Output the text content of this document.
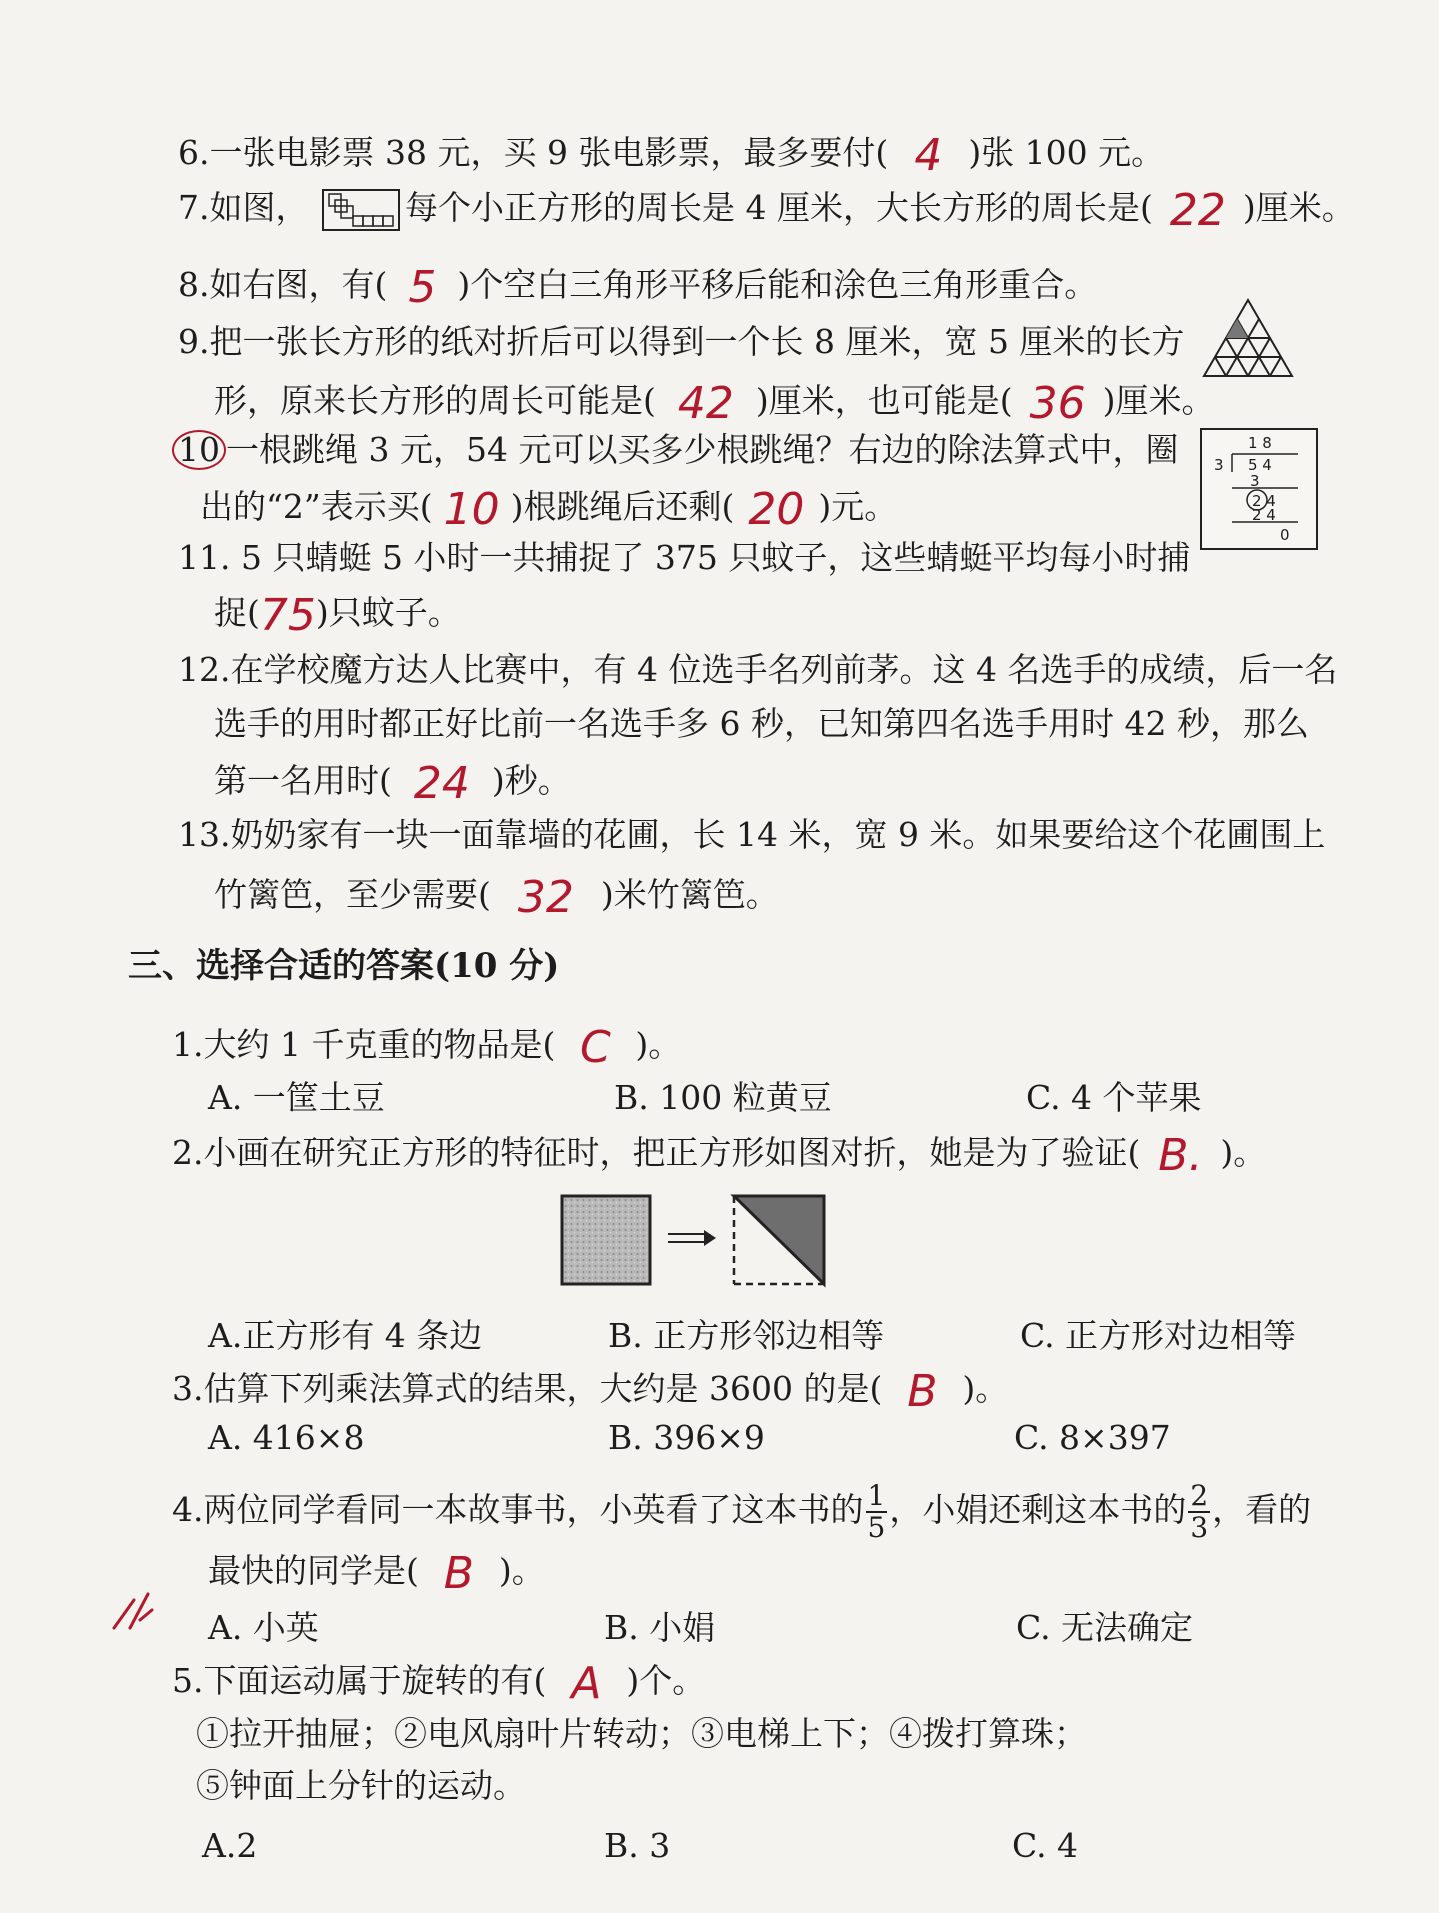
6.一张电影票 38 元，买 9 张电影票，最多要付( 4 )张 100 元。
7.如图，	每个小正方形的周长是 4 厘米，大长方形的周长是( 22 )厘米。
8.如右图，有( 5 )个空白三角形平移后能和涂色三角形重合。
9.把一张长方形的纸对折后可以得到一个长 8 厘米，宽 5 厘米的长方
形，原来长方形的周长可能是( 42 )厘米，也可能是( 36 )厘米。
10 一根跳绳 3 元，54 元可以买多少根跳绳？右边的除法算式中，圈
出的“2”表示买( 10 )根跳绳后还剩( 20 )元。
1 8
3 5 4
3
2 4
2 4
0
11. 5 只蜻蜓 5 小时一共捕捉了 375 只蚊子，这些蜻蜓平均每小时捕
捉(75)只蚊子。
12.在学校魔方达人比赛中，有 4 位选手名列前茅。这 4 名选手的成绩，后一名
选手的用时都正好比前一名选手多 6 秒，已知第四名选手用时 42 秒，那么
第一名用时( 24 )秒。
13.奶奶家有一块一面靠墙的花圃，长 14 米，宽 9 米。如果要给这个花圃围上
竹篱笆，至少需要( 32 )米竹篱笆。
三、选择合适的答案(10 分)
1.大约 1 千克重的物品是( C )。
A. 一筐土豆	B. 100 粒黄豆	C. 4 个苹果
2.小画在研究正方形的特征时，把正方形如图对折，她是为了验证( B. )。
A.正方形有 4 条边	B. 正方形邻边相等	C. 正方形对边相等
3.估算下列乘法算式的结果，大约是 3600 的是( B )。
A. 416×8	B. 396×9	C. 8×397
4.两位同学看同一本故事书，小英看了这本书的 $\frac{1}{5}$ ，小娟还剩这本书的 $\frac{2}{3}$ ，看的
最快的同学是( B )。
A. 小英	B. 小娟	C. 无法确定
5.下面运动属于旋转的有( A )个。
①拉开抽屉；②电风扇叶片转动；③电梯上下；④拨打算珠；
⑤钟面上分针的运动。
A.2	B. 3	C. 4
